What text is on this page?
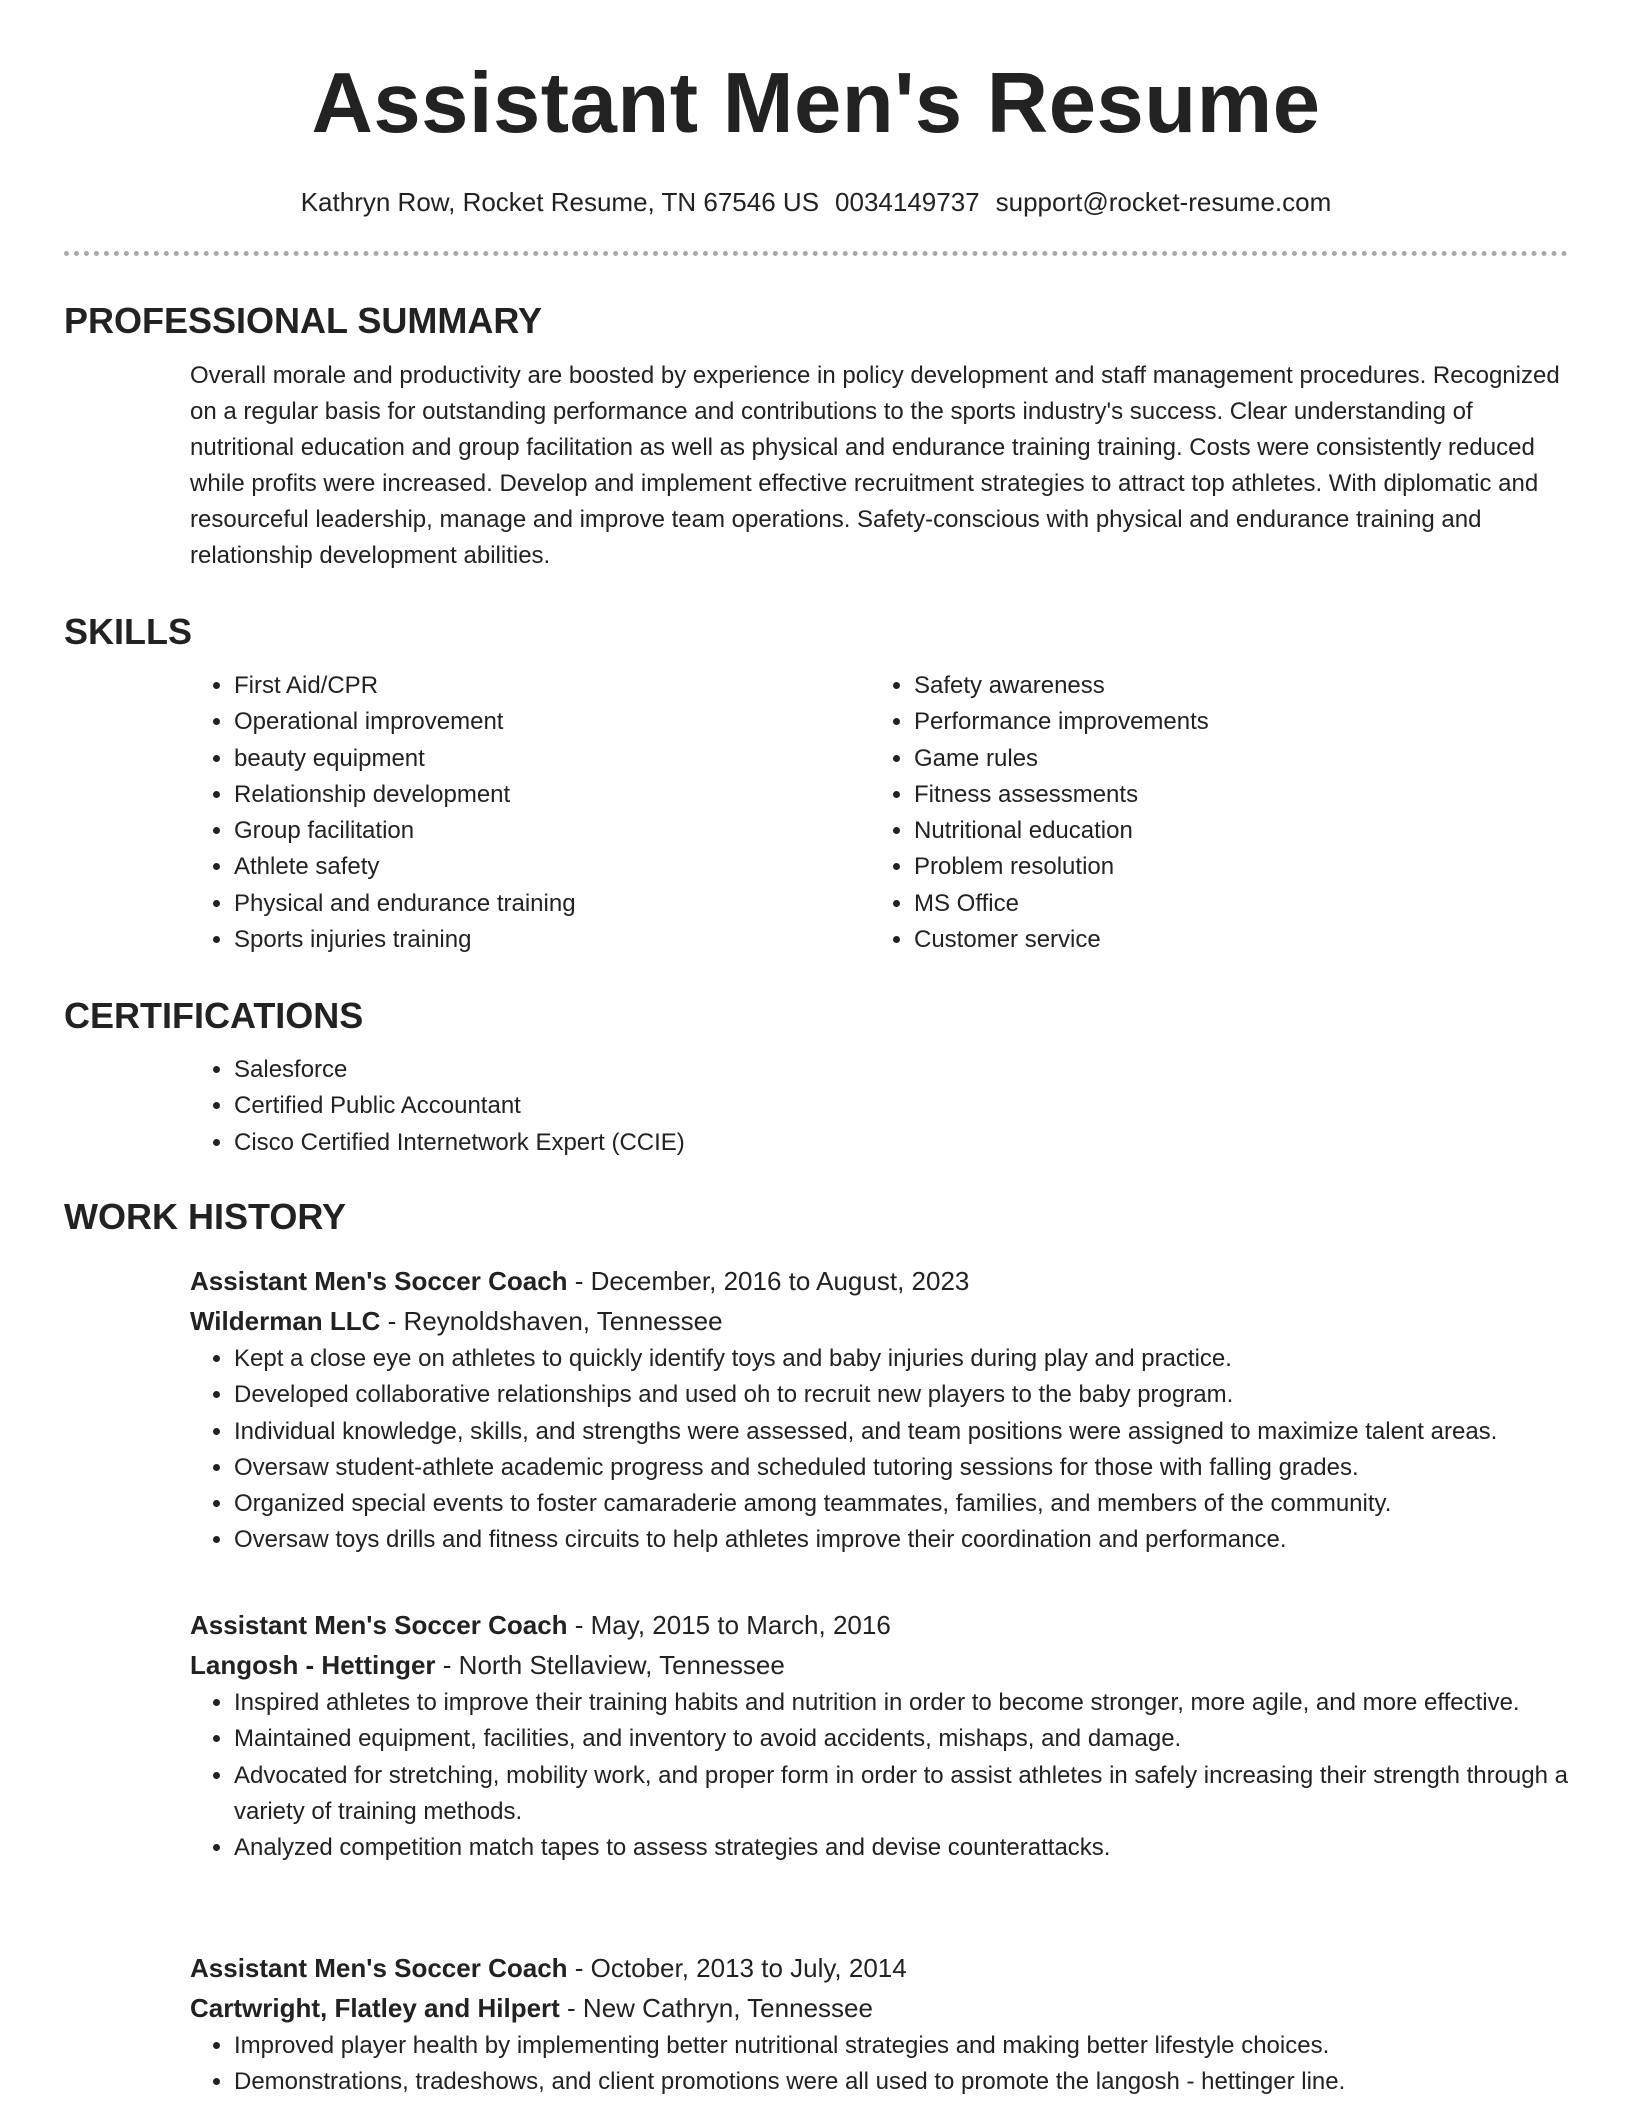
Assistant Men's Resume
Kathryn Row, Rocket Resume, TN 67546 US 0034149737 support@rocket-resume.com
PROFESSIONAL SUMMARY

Overall morale and productivity are boosted by experience in policy development and staff management procedures. Recognized on a regular basis for outstanding performance and contributions to the sports industry's success. Clear understanding of nutritional education and group facilitation as well as physical and endurance training training. Costs were consistently reduced while profits were increased. Develop and implement effective recruitment strategies to attract top athletes. With diplomatic and resourceful leadership, manage and improve team operations. Safety-conscious with physical and endurance training and relationship development abilities.

SKILLS
• First Aid/CPR
• Operational improvement
• beauty equipment
• Relationship development
• Group facilitation
• Athlete safety
• Physical and endurance training
• Sports injuries training
• Safety awareness
• Performance improvements
• Game rules
• Fitness assessments
• Nutritional education
• Problem resolution
• MS Office
• Customer service
CERTIFICATIONS
• Salesforce
• Certified Public Accountant
• Cisco Certified Internetwork Expert (CCIE)
WORK HISTORY
Assistant Men's Soccer Coach - December, 2016 to August, 2023
Wilderman LLC - Reynoldshaven, Tennessee
• Kept a close eye on athletes to quickly identify toys and baby injuries during play and practice.
• Developed collaborative relationships and used oh to recruit new players to the baby program.
• Individual knowledge, skills, and strengths were assessed, and team positions were assigned to maximize talent areas.
• Oversaw student-athlete academic progress and scheduled tutoring sessions for those with falling grades.
• Organized special events to foster camaraderie among teammates, families, and members of the community.
• Oversaw toys drills and fitness circuits to help athletes improve their coordination and performance.
Assistant Men's Soccer Coach - May, 2015 to March, 2016
Langosh - Hettinger - North Stellaview, Tennessee
• Inspired athletes to improve their training habits and nutrition in order to become stronger, more agile, and more effective.
• Maintained equipment, facilities, and inventory to avoid accidents, mishaps, and damage.
• Advocated for stretching, mobility work, and proper form in order to assist athletes in safely increasing their strength through a variety of training methods.
• Analyzed competition match tapes to assess strategies and devise counterattacks.
Assistant Men's Soccer Coach - October, 2013 to July, 2014
Cartwright, Flatley and Hilpert - New Cathryn, Tennessee
• Improved player health by implementing better nutritional strategies and making better lifestyle choices.
• Demonstrations, tradeshows, and client promotions were all used to promote the langosh - hettinger line.
